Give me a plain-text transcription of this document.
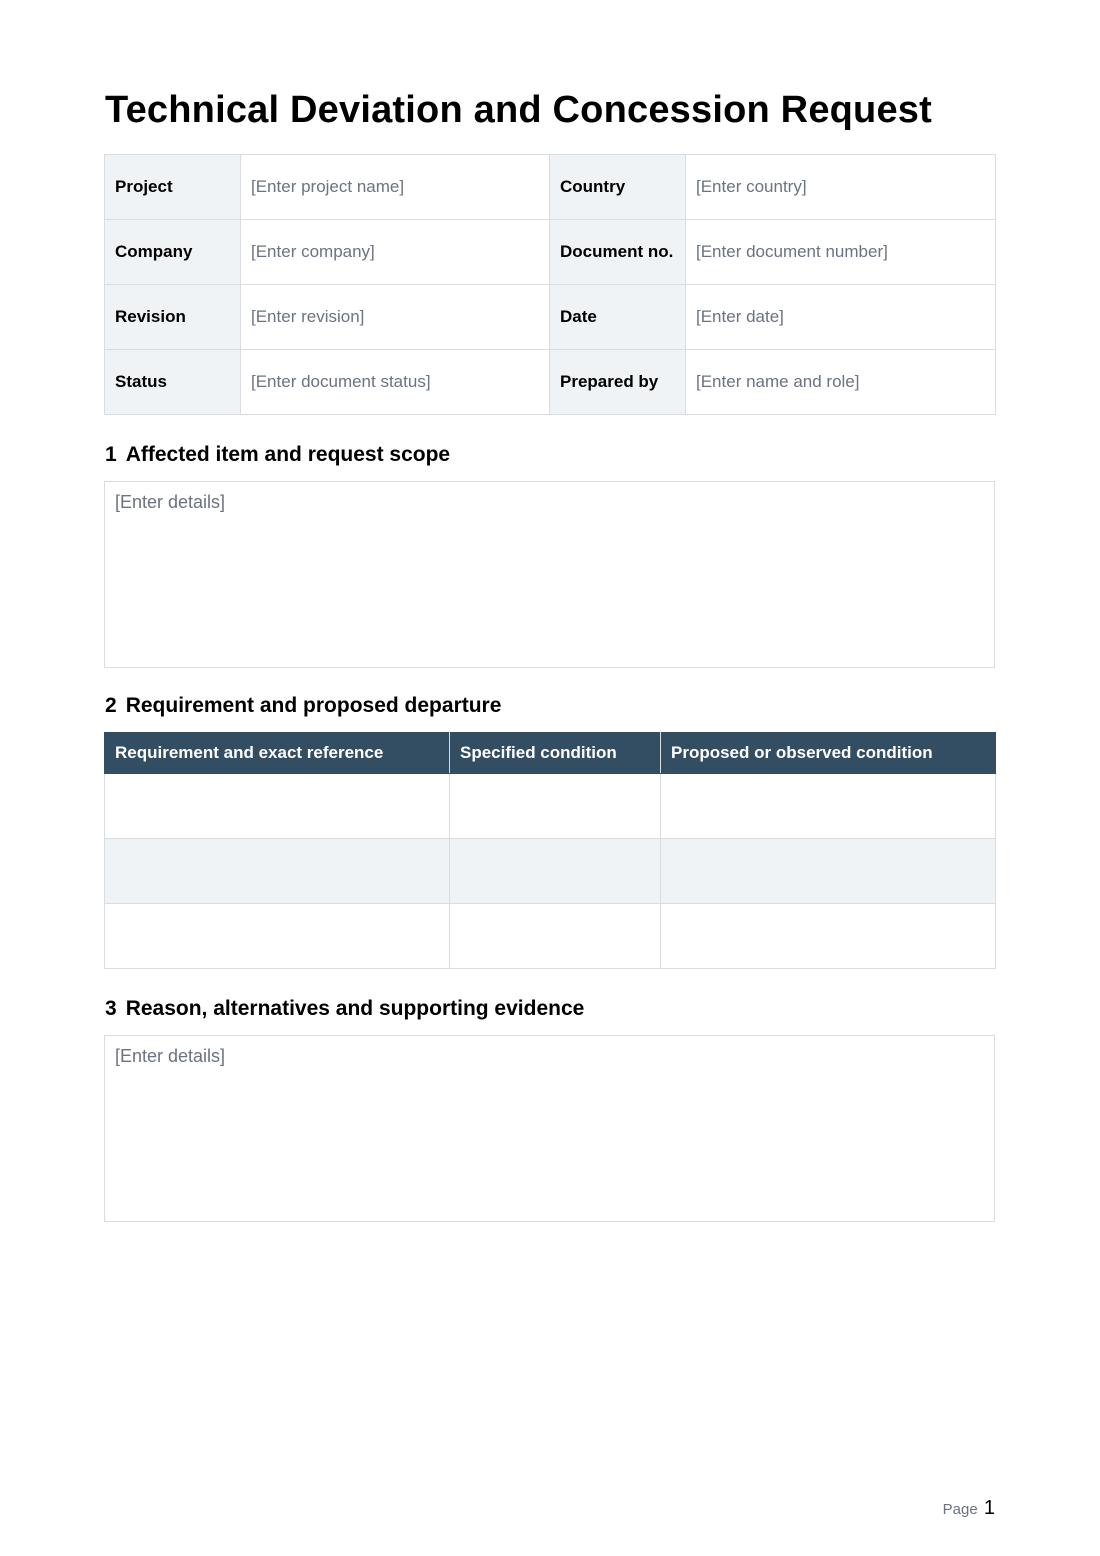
Technical Deviation and Concession Request
Project	[Enter project name]	Country	[Enter country]
Company	[Enter company]	Document no.	[Enter document number]
Revision	[Enter revision]	Date	[Enter date]
Status	[Enter document status]	Prepared by	[Enter name and role]
1 Affected item and request scope
[Enter details]
2 Requirement and proposed departure
Requirement and exact reference	Specified condition	Proposed or observed condition

3 Reason, alternatives and supporting evidence
[Enter details]
Page 1
